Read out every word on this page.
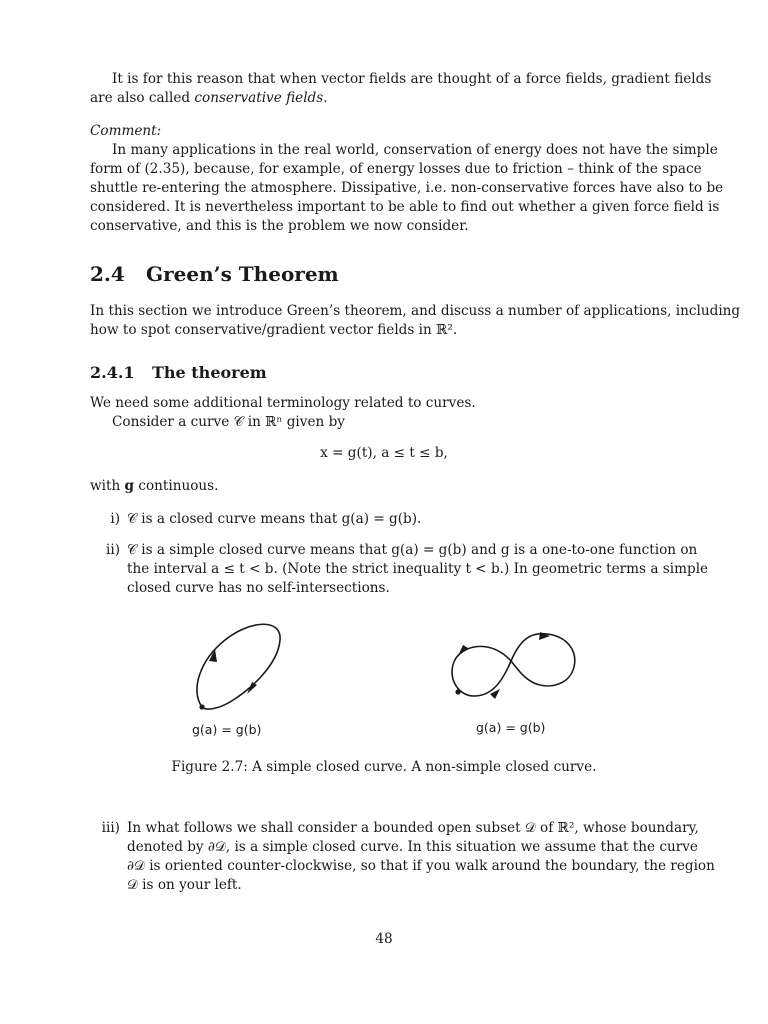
It is for this reason that when vector fields are thought of a force fields, gradient fields
are also called conservative fields.
Comment:
In many applications in the real world, conservation of energy does not have the simple
form of (2.35), because, for example, of energy losses due to friction – think of the space
shuttle re-entering the atmosphere. Dissipative, i.e. non-conservative forces have also to be
considered. It is nevertheless important to be able to find out whether a given force field is
conservative, and this is the problem we now consider.
2.4 Green’s Theorem
In this section we introduce Green’s theorem, and discuss a number of applications, including
how to spot conservative/gradient vector fields in ℝ².
2.4.1 The theorem
We need some additional terminology related to curves.
Consider a curve 𝒞 in ℝⁿ given by
x = g(t), a ≤ t ≤ b,
with g continuous.
i) 𝒞 is a closed curve means that g(a) = g(b).
ii) 𝒞 is a simple closed curve means that g(a) = g(b) and g is a one-to-one function on
the interval a ≤ t < b. (Note the strict inequality t < b.) In geometric terms a simple
closed curve has no self-intersections.
g(a) = g(b)	g(a) = g(b)
Figure 2.7: A simple closed curve. A non-simple closed curve.
iii) In what follows we shall consider a bounded open subset 𝒟 of ℝ², whose boundary,
denoted by ∂𝒟, is a simple closed curve. In this situation we assume that the curve
∂𝒟 is oriented counter-clockwise, so that if you walk around the boundary, the region
𝒟 is on your left.
48
